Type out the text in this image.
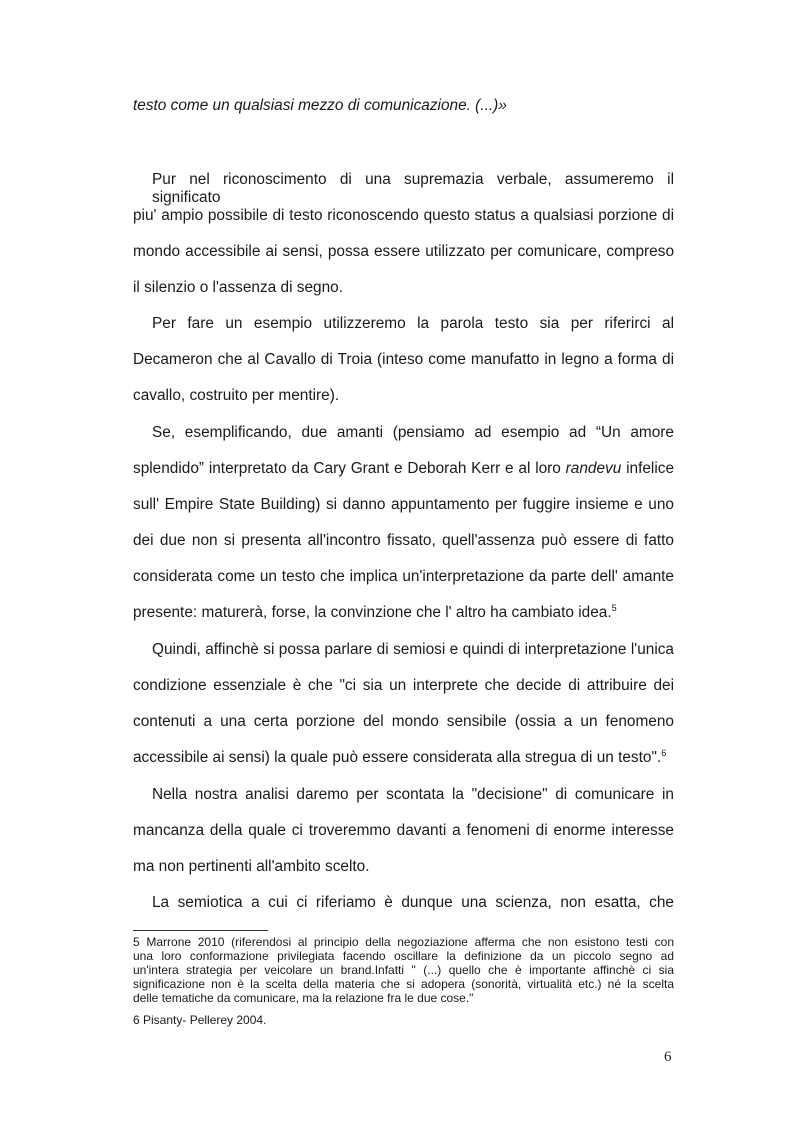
testo come un qualsiasi mezzo di comunicazione. (...)»
Pur nel riconoscimento di una supremazia verbale, assumeremo il significato
piu' ampio possibile di testo riconoscendo questo status a qualsiasi porzione di
mondo accessibile ai sensi, possa essere utilizzato per comunicare, compreso
il silenzio o l'assenza di segno.
Per fare un esempio utilizzeremo la parola testo sia per riferirci al
Decameron che al Cavallo di Troia (inteso come manufatto in legno a forma di
cavallo, costruito per mentire).
Se, esemplificando, due amanti (pensiamo ad esempio ad “Un amore
splendido” interpretato da Cary Grant e Deborah Kerr e al loro randevu infelice
sull' Empire State Building) si danno appuntamento per fuggire insieme e uno
dei due non si presenta all'incontro fissato, quell'assenza può essere di fatto
considerata come un testo che implica un'interpretazione da parte dell' amante
presente: maturerà, forse, la convinzione che l' altro ha cambiato idea.$^5$
Quindi, affinchè si possa parlare di semiosi e quindi di interpretazione l'unica
condizione essenziale è che "ci sia un interprete che decide di attribuire dei
contenuti a una certa porzione del mondo sensibile (ossia a un fenomeno
accessibile ai sensi) la quale può essere considerata alla stregua di un testo".$^6$
Nella nostra analisi daremo per scontata la "decisione" di comunicare in
mancanza della quale ci troveremmo davanti a fenomeni di enorme interesse
ma non pertinenti all'ambito scelto.
La semiotica a cui ci riferiamo è dunque una scienza, non esatta, che
5 Marrone 2010 (riferendosi al principio della negoziazione afferma che non esistono testi con
una loro conformazione privilegiata facendo oscillare la definizione da un piccolo segno ad
un'intera strategia per veicolare un brand.Infatti " (...) quello che è importante affinchè ci sia
significazione non è la scelta della materia che si adopera (sonorità, virtualità etc.) né la scelta
delle tematiche da comunicare, ma la relazione fra le due cose."
6 Pisanty- Pellerey 2004.
6
